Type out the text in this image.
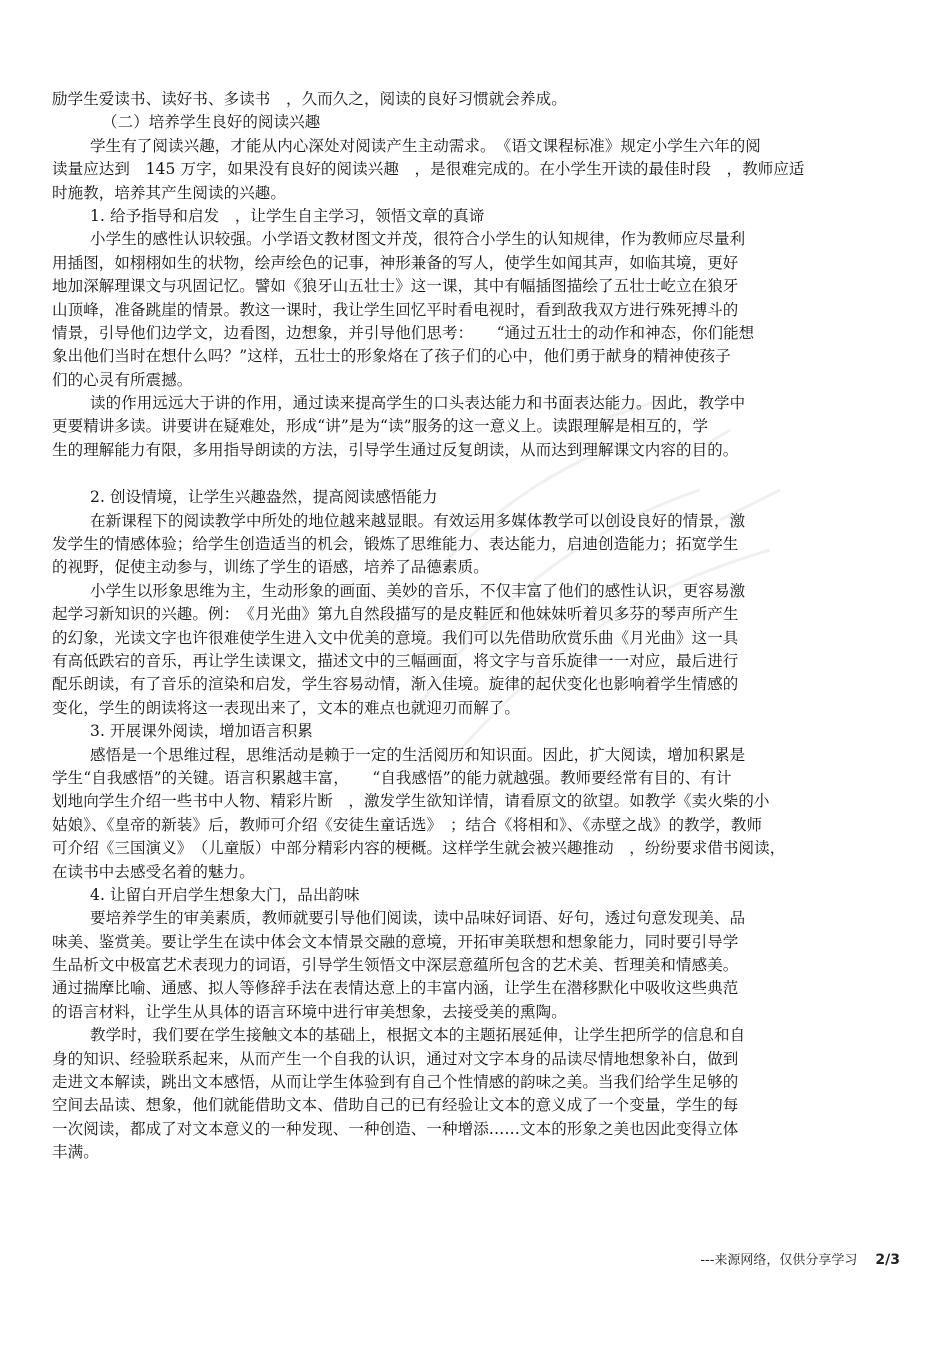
励学生爱读书、读好书、多读书　，久而久之，阅读的良好习惯就会养成。
（二）培养学生良好的阅读兴趣
学生有了阅读兴趣，才能从内心深处对阅读产生主动需求。　《语文课程标准》规定小学生六年的阅
读量应达到　145 万字，如果没有良好的阅读兴趣　，是很难完成的。在小学生开读的最佳时段　，教师应适
时施教，培养其产生阅读的兴趣。
1. 给予指导和启发　，让学生自主学习，领悟文章的真谛
小学生的感性认识较强。小学语文教材图文并茂，很符合小学生的认知规律，作为教师应尽量利
用插图，如栩栩如生的状物，绘声绘色的记事，神形兼备的写人，使学生如闻其声，如临其境，更好
地加深解理课文与巩固记忆。譬如《狼牙山五壮士》这一课，其中有幅插图描绘了五壮士屹立在狼牙
山顶峰，准备跳崖的情景。教这一课时，我让学生回忆平时看电视时，看到敌我双方进行殊死搏斗的
情景，引导他们边学文，边看图，边想象，并引导他们思考：　　“通过五壮士的动作和神态，你们能想
象出他们当时在想什么吗？”这样，五壮士的形象烙在了孩子们的心中，他们勇于献身的精神使孩子
们的心灵有所震撼。
读的作用远远大于讲的作用，通过读来提高学生的口头表达能力和书面表达能力。因此，教学中
更要精讲多读。讲要讲在疑难处，形成“讲”是为“读”服务的这一意义上。读跟理解是相互的，学
生的理解能力有限，多用指导朗读的方法，引导学生通过反复朗读，从而达到理解课文内容的目的。
2. 创设情境，让学生兴趣盎然，提高阅读感悟能力
在新课程下的阅读教学中所处的地位越来越显眼。有效运用多媒体教学可以创设良好的情景，激
发学生的情感体验；给学生创造适当的机会，锻炼了思维能力、表达能力，启迪创造能力；拓宽学生
的视野，促使主动参与，训练了学生的语感，培养了品德素质。
小学生以形象思维为主，生动形象的画面、美妙的音乐，不仅丰富了他们的感性认识，更容易激
起学习新知识的兴趣。例：　《月光曲》第九自然段描写的是皮鞋匠和他妹妹听着贝多芬的琴声所产生
的幻象，光读文字也许很难使学生进入文中优美的意境。我们可以先借助欣赏乐曲《月光曲》这一具
有高低跌宕的音乐，再让学生读课文，描述文中的三幅画面，将文字与音乐旋律一一对应，最后进行
配乐朗读，有了音乐的渲染和启发，学生容易动情，渐入佳境。旋律的起伏变化也影响着学生情感的
变化，学生的朗读将这一表现出来了，文本的难点也就迎刃而解了。
3. 开展课外阅读，增加语言积累
感悟是一个思维过程，思维活动是赖于一定的生活阅历和知识面。因此，扩大阅读，增加积累是
学生“自我感悟”的关键。语言积累越丰富，　　“自我感悟”的能力就越强。教师要经常有目的、有计
划地向学生介绍一些书中人物、精彩片断　，激发学生欲知详情，请看原文的欲望。如教学《卖火柴的小
姑娘》、《皇帝的新装》后，教师可介绍《安徒生童话选》　；结合《将相和》、《赤壁之战》的教学，教师
可介绍《三国演义》　（儿童版）中部分精彩内容的梗概。这样学生就会被兴趣推动　，纷纷要求借书阅读，
在读书中去感受名着的魅力。
4. 让留白开启学生想象大门，品出韵味
要培养学生的审美素质，教师就要引导他们阅读，读中品味好词语、好句，透过句意发现美、品
味美、鉴赏美。要让学生在读中体会文本情景交融的意境，开拓审美联想和想象能力，同时要引导学
生品析文中极富艺术表现力的词语，引导学生领悟文中深层意蕴所包含的艺术美、哲理美和情感美。
通过揣摩比喻、通感、拟人等修辞手法在表情达意上的丰富内涵，让学生在潜移默化中吸收这些典范
的语言材料，让学生从具体的语言环境中进行审美想象，去接受美的熏陶。
教学时，我们要在学生接触文本的基础上，根据文本的主题拓展延伸，让学生把所学的信息和自
身的知识、经验联系起来，从而产生一个自我的认识，通过对文字本身的品读尽情地想象补白，做到
走进文本解读，跳出文本感悟，从而让学生体验到有自己个性情感的韵味之美。当我们给学生足够的
空间去品读、想象，他们就能借助文本、借助自己的已有经验让文本的意义成了一个变量，学生的每
一次阅读，都成了对文本意义的一种发现、一种创造、一种增添……文本的形象之美也因此变得立体
丰满。
---来源网络，仅供分享学习 2/3
